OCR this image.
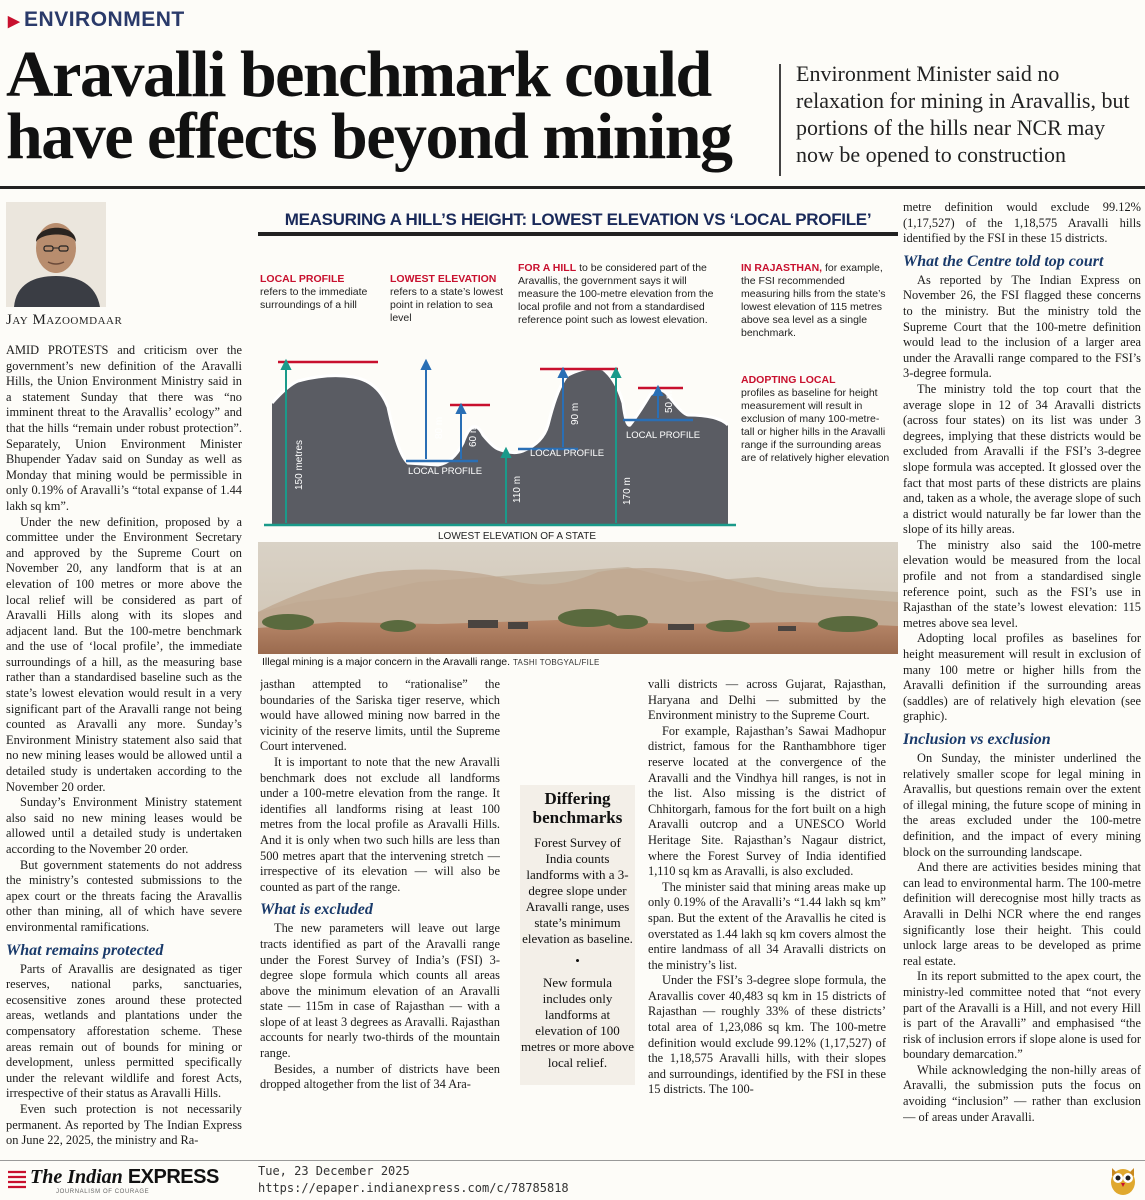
▶ ENVIRONMENT
Aravalli benchmark could have effects beyond mining
Environment Minister said no relaxation for mining in Aravallis, but portions of the hills near NCR may now be opened to construction
Jay Mazoomdaar

AMID PROTESTS and criticism over the government’s new definition of the Aravalli Hills, the Union Environment Ministry said in a statement Sunday that there was “no imminent threat to the Aravallis’ ecology” and that the hills “remain under robust protection”. Separately, Union Environment Minister Bhupender Yadav said on Sunday as well as Monday that mining would be permissible in only 0.19% of Aravalli’s “total expanse of 1.44 lakh sq km”.

Under the new definition, proposed by a committee under the Environment Secretary and approved by the Supreme Court on November 20, any landform that is at an elevation of 100 metres or more above the local relief will be considered as part of Aravalli Hills along with its slopes and adjacent land. But the 100-metre benchmark and the use of ‘local profile’, the immediate surroundings of a hill, as the measuring base rather than a standardised baseline such as the state’s lowest elevation would result in a very significant part of the Aravalli range not being counted as Aravalli any more. Sunday’s Environment Ministry statement also said that no new mining leases would be allowed until a detailed study is undertaken according to the November 20 order.

Sunday’s Environment Ministry statement also said no new mining leases would be allowed until a detailed study is undertaken according to the November 20 order.

But government statements do not address the ministry’s contested submissions to the apex court or the threats facing the Aravallis other than mining, all of which have severe environmental ramifications.

What remains protected

Parts of Aravallis are designated as tiger reserves, national parks, sanctuaries, ecosensitive zones around these protected areas, wetlands and plantations under the compensatory afforestation scheme. These areas remain out of bounds for mining or development, unless permitted specifically under the relevant wildlife and forest Acts, irrespective of their status as Aravalli Hills.

Even such protection is not necessarily permanent. As reported by The Indian Express on June 22, 2025, the ministry and Ra-

MEASURING A HILL’S HEIGHT: LOWEST ELEVATION VS ‘LOCAL PROFILE’
LOCAL PROFILE
refers to the immediate surroundings of a hill
LOWEST ELEVATION refers to a state’s lowest point in relation to sea level
FOR A HILL to be considered part of the Aravallis, the government says it will measure the 100-metre elevation from the local profile and not from a standardised reference point such as lowest elevation.
IN RAJASTHAN, for example, the FSI recommended measuring hills from the state’s lowest elevation of 115 metres above sea level as a single benchmark.
ADOPTING LOCAL
profiles as baseline for height measurement will result in exclusion of many 100-metre-tall or higher hills in the Aravalli range if the surrounding areas are of relatively higher elevation
150 metres
80 m 60 m
110 m
90 m
170 m
50 m
LOCAL PROFILE
LOCAL PROFILE
LOCAL PROFILE
LOWEST ELEVATION OF A STATE
Illegal mining is a major concern in the Aravalli range. TASHI TOBGYAL/FILE

jasthan attempted to “rationalise” the boundaries of the Sariska tiger reserve, which would have allowed mining now barred in the vicinity of the reserve limits, until the Supreme Court intervened.

It is important to note that the new Aravalli benchmark does not exclude all landforms under a 100-metre elevation from the range. It identifies all landforms rising at least 100 metres from the local profile as Aravalli Hills. And it is only when two such hills are less than 500 metres apart that the intervening stretch — irrespective of its elevation — will also be counted as part of the range.

What is excluded

The new parameters will leave out large tracts identified as part of the Aravalli range under the Forest Survey of India’s (FSI) 3-degree slope formula which counts all areas above the minimum elevation of an Aravalli state — 115m in case of Rajasthan — with a slope of at least 3 degrees as Aravalli. Rajasthan accounts for nearly two-thirds of the mountain range.

Besides, a number of districts have been dropped altogether from the list of 34 Ara-

Differing benchmarks
Forest Survey of India counts landforms with a 3-degree slope under Aravalli range, uses state’s minimum elevation as baseline.
•
New formula includes only landforms at elevation of 100 metres or more above local relief.

valli districts — across Gujarat, Rajasthan, Haryana and Delhi — submitted by the Environment ministry to the Supreme Court.

For example, Rajasthan’s Sawai Madhopur district, famous for the Ranthambhore tiger reserve located at the convergence of the Aravalli and the Vindhya hill ranges, is not in the list. Also missing is the district of Chhitorgarh, famous for the fort built on a high Aravalli outcrop and a UNESCO World Heritage Site. Rajasthan’s Nagaur district, where the Forest Survey of India identified 1,110 sq km as Aravalli, is also excluded.

The minister said that mining areas make up only 0.19% of the Aravalli’s “1.44 lakh sq km” span. But the extent of the Aravallis he cited is overstated as 1.44 lakh sq km covers almost the entire landmass of all 34 Aravalli districts on the ministry’s list.

Under the FSI’s 3-degree slope formula, the Aravallis cover 40,483 sq km in 15 districts of Rajasthan — roughly 33% of these districts’ total area of 1,23,086 sq km. The 100-metre definition would exclude 99.12% (1,17,527) of the 1,18,575 Aravalli hills, with their slopes and surroundings, identified by the FSI in these 15 districts. The 100-

metre definition would exclude 99.12% (1,17,527) of the 1,18,575 Aravalli hills identified by the FSI in these 15 districts.

What the Centre told top court

As reported by The Indian Express on November 26, the FSI flagged these concerns to the ministry. But the ministry told the Supreme Court that the 100-metre definition would lead to the inclusion of a larger area under the Aravalli range compared to the FSI’s 3-degree formula.

The ministry told the top court that the average slope in 12 of 34 Aravalli districts (across four states) on its list was under 3 degrees, implying that these districts would be excluded from Aravalli if the FSI’s 3-degree slope formula was accepted. It glossed over the fact that most parts of these districts are plains and, taken as a whole, the average slope of such a district would naturally be far lower than the slope of its hilly areas.

The ministry also said the 100-metre elevation would be measured from the local profile and not from a standardised single reference point, such as the FSI’s use in Rajasthan of the state’s lowest elevation: 115 metres above sea level.

Adopting local profiles as baselines for height measurement will result in exclusion of many 100 metre or higher hills from the Aravalli definition if the surrounding areas (saddles) are of relatively high elevation (see graphic).

Inclusion vs exclusion

On Sunday, the minister underlined the relatively smaller scope for legal mining in Aravallis, but questions remain over the extent of illegal mining, the future scope of mining in the areas excluded under the 100-metre definition, and the impact of every mining block on the surrounding landscape.

And there are activities besides mining that can lead to environmental harm. The 100-metre definition will derecognise most hilly tracts as Aravalli in Delhi NCR where the end ranges significantly lose their height. This could unlock large areas to be developed as prime real estate.

In its report submitted to the apex court, the ministry-led committee noted that “not every part of the Aravalli is a Hill, and not every Hill is part of the Aravalli” and emphasised “the risk of inclusion errors if slope alone is used for boundary demarcation.”

While acknowledging the non-hilly areas of Aravalli, the submission puts the focus on avoiding “inclusion” — rather than exclusion — of areas under Aravalli.

The Indian EXPRESS
JOURNALISM OF COURAGE
Tue, 23 December 2025
https://epaper.indianexpress.com/c/78785818
